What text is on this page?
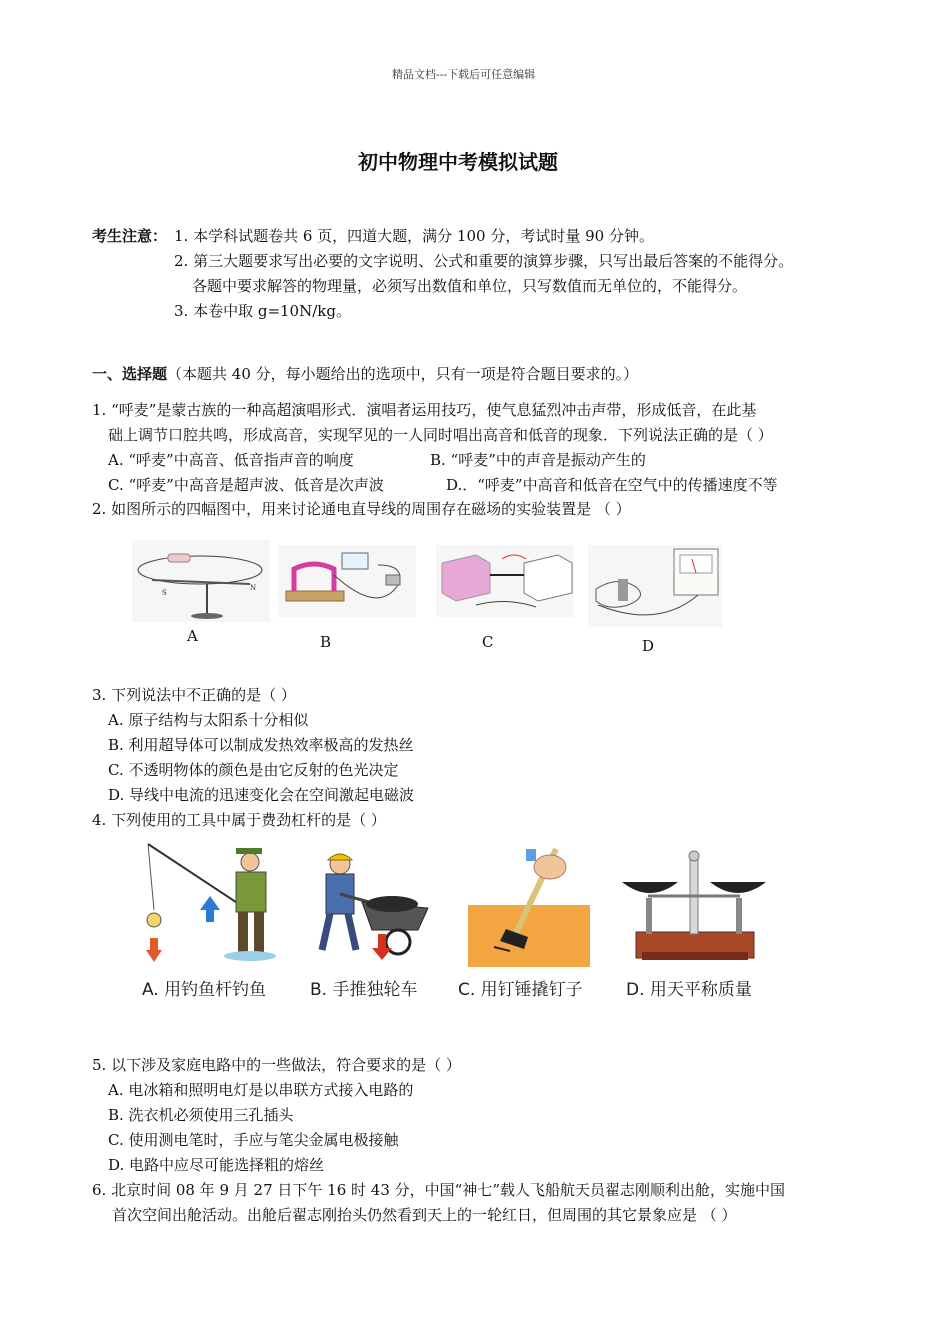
精品文档---下载后可任意编辑
初中物理中考模拟试题
考生注意： 1. 本学科试题卷共 6 页，四道大题，满分 100 分，考试时量 90 分钟。
2. 第三大题要求写出必要的文字说明、公式和重要的演算步骤，只写出最后答案的不能得分。
各题中要求解答的物理量，必须写出数值和单位，只写数值而无单位的，不能得分。
3. 本卷中取 g=10N/kg。
一、选择题（本题共 40 分，每小题给出的选项中，只有一项是符合题目要求的。）
1. “呼麦”是蒙古族的一种高超演唱形式．演唱者运用技巧，使气息猛烈冲击声带，形成低音，在此基
础上调节口腔共鸣，形成高音，实现罕见的一人同时唱出高音和低音的现象．下列说法正确的是（ ）
A. “呼麦”中高音、低音指声音的响度	B. “呼麦”中的声音是振动产生的
C. “呼麦”中高音是超声波、低音是次声波	D.．“呼麦”中高音和低音在空气中的传播速度不等
2. 如图所示的四幅图中，用来讨论通电直导线的周围存在磁场的实验装置是 （ ）
S
N
A	B	C	D
3. 下列说法中不正确的是（ ）
A. 原子结构与太阳系十分相似
B. 利用超导体可以制成发热效率极高的发热丝
C. 不透明物体的颜色是由它反射的色光决定
D. 导线中电流的迅速变化会在空间激起电磁波
4. 下列使用的工具中属于费劲杠杆的是（ ）
A. 用钓鱼杆钓鱼	B. 手推独轮车 C. 用钉锤撬钉子	D. 用天平称质量
5. 以下涉及家庭电路中的一些做法，符合要求的是（ ）
A. 电冰箱和照明电灯是以串联方式接入电路的
B. 洗衣机必须使用三孔插头
C. 使用测电笔时，手应与笔尖金属电极接触
D. 电路中应尽可能选择粗的熔丝
6. 北京时间 08 年 9 月 27 日下午 16 时 43 分，中国“神七”载人飞船航天员翟志刚顺利出舱，实施中国
首次空间出舱活动。出舱后翟志刚抬头仍然看到天上的一轮红日，但周围的其它景象应是 （ ）
